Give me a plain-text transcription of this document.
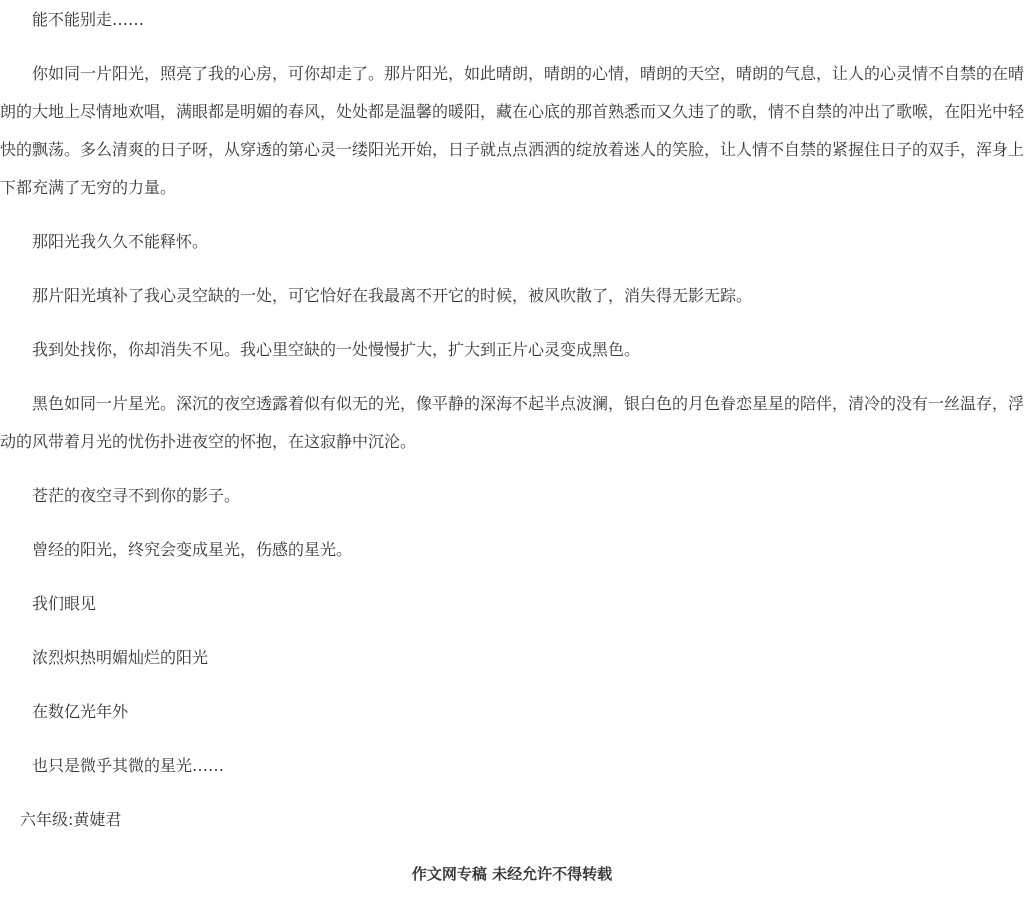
能不能别走……

你如同一片阳光，照亮了我的心房，可你却走了。那片阳光，如此晴朗，晴朗的心情，晴朗的天空，晴朗的气息，让人的心灵情不自禁的在晴朗的大地上尽情地欢唱，满眼都是明媚的春风，处处都是温馨的暖阳，藏在心底的那首熟悉而又久违了的歌，情不自禁的冲出了歌喉，在阳光中轻快的飘荡。多么清爽的日子呀，从穿透的第心灵一缕阳光开始，日子就点点洒洒的绽放着迷人的笑脸，让人情不自禁的紧握住日子的双手，浑身上下都充满了无穷的力量。

那阳光我久久不能释怀。

那片阳光填补了我心灵空缺的一处，可它恰好在我最离不开它的时候，被风吹散了，消失得无影无踪。

我到处找你，你却消失不见。我心里空缺的一处慢慢扩大，扩大到正片心灵变成黑色。

黑色如同一片星光。深沉的夜空透露着似有似无的光，像平静的深海不起半点波澜，银白色的月色眷恋星星的陪伴，清冷的没有一丝温存，浮动的风带着月光的忧伤扑进夜空的怀抱，在这寂静中沉沦。

苍茫的夜空寻不到你的影子。

曾经的阳光，终究会变成星光，伤感的星光。

我们眼见

浓烈炽热明媚灿烂的阳光

在数亿光年外

也只是微乎其微的星光……

六年级:黄婕君

作文网专稿 未经允许不得转载
